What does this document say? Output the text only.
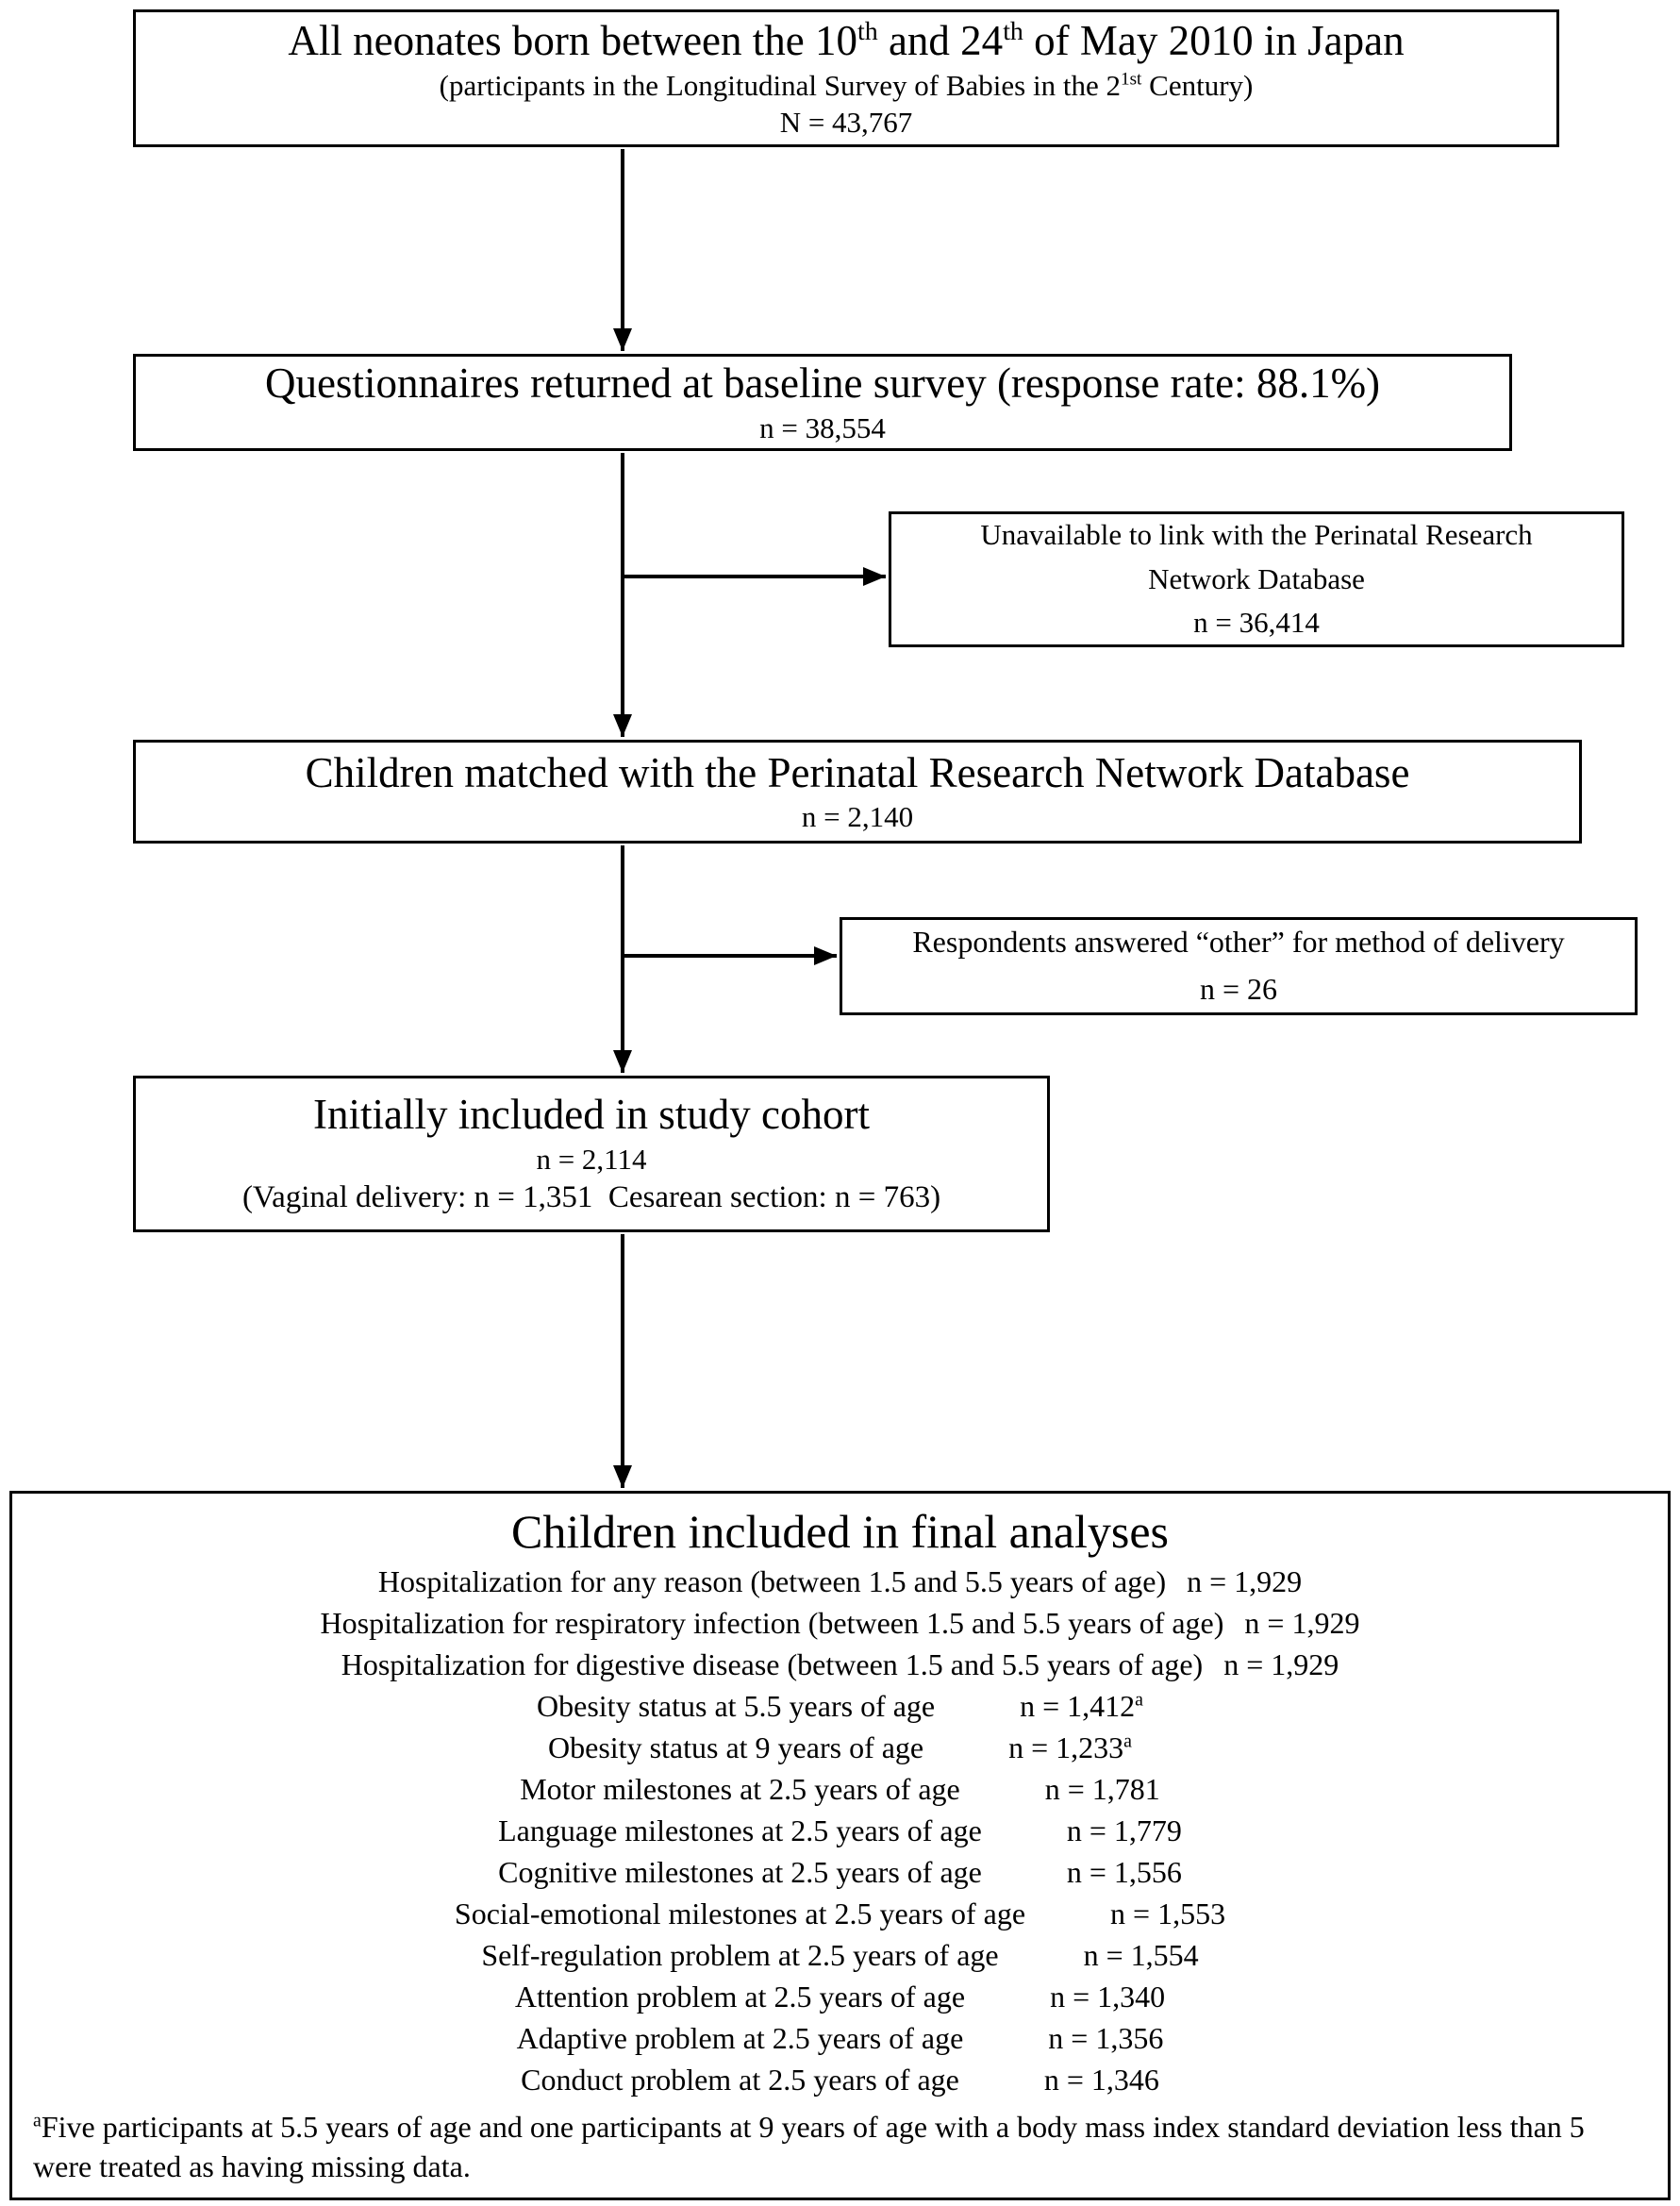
All neonates born between the 10th and 24th of May 2010 in Japan
(participants in the Longitudinal Survey of Babies in the $2^{1st}$ Century)
N = 43,767
Questionnaires returned at baseline survey (response rate: 88.1%)
n = 38,554
Unavailable to link with the Perinatal Research
Network Database
n = 36,414
Children matched with the Perinatal Research Network Database
n = 2,140
Respondents answered “other” for method of delivery
n = 26
Initially included in study cohort
n = 2,114
(Vaginal delivery: n = 1,351  Cesarean section: n = 763)
Children included in final analyses
Hospitalization for any reason (between 1.5 and 5.5 years of age) n = 1,929
Hospitalization for respiratory infection (between 1.5 and 5.5 years of age) n = 1,929
Hospitalization for digestive disease (between 1.5 and 5.5 years of age) n = 1,929
Obesity status at 5.5 years of age	n = 1,412$^a$
Obesity status at 9 years of age	n = 1,233$^a$
Motor milestones at 2.5 years of age	n = 1,781
Language milestones at 2.5 years of age	n = 1,779
Cognitive milestones at 2.5 years of age	n = 1,556
Social-emotional milestones at 2.5 years of age	n = 1,553
Self-regulation problem at 2.5 years of age	n = 1,554
Attention problem at 2.5 years of age	n = 1,340
Adaptive problem at 2.5 years of age	n = 1,356
Conduct problem at 2.5 years of age	n = 1,346
$^a$Five participants at 5.5 years of age and one participants at 9 years of age with a body mass index standard deviation less than 5 were treated as having missing data.
